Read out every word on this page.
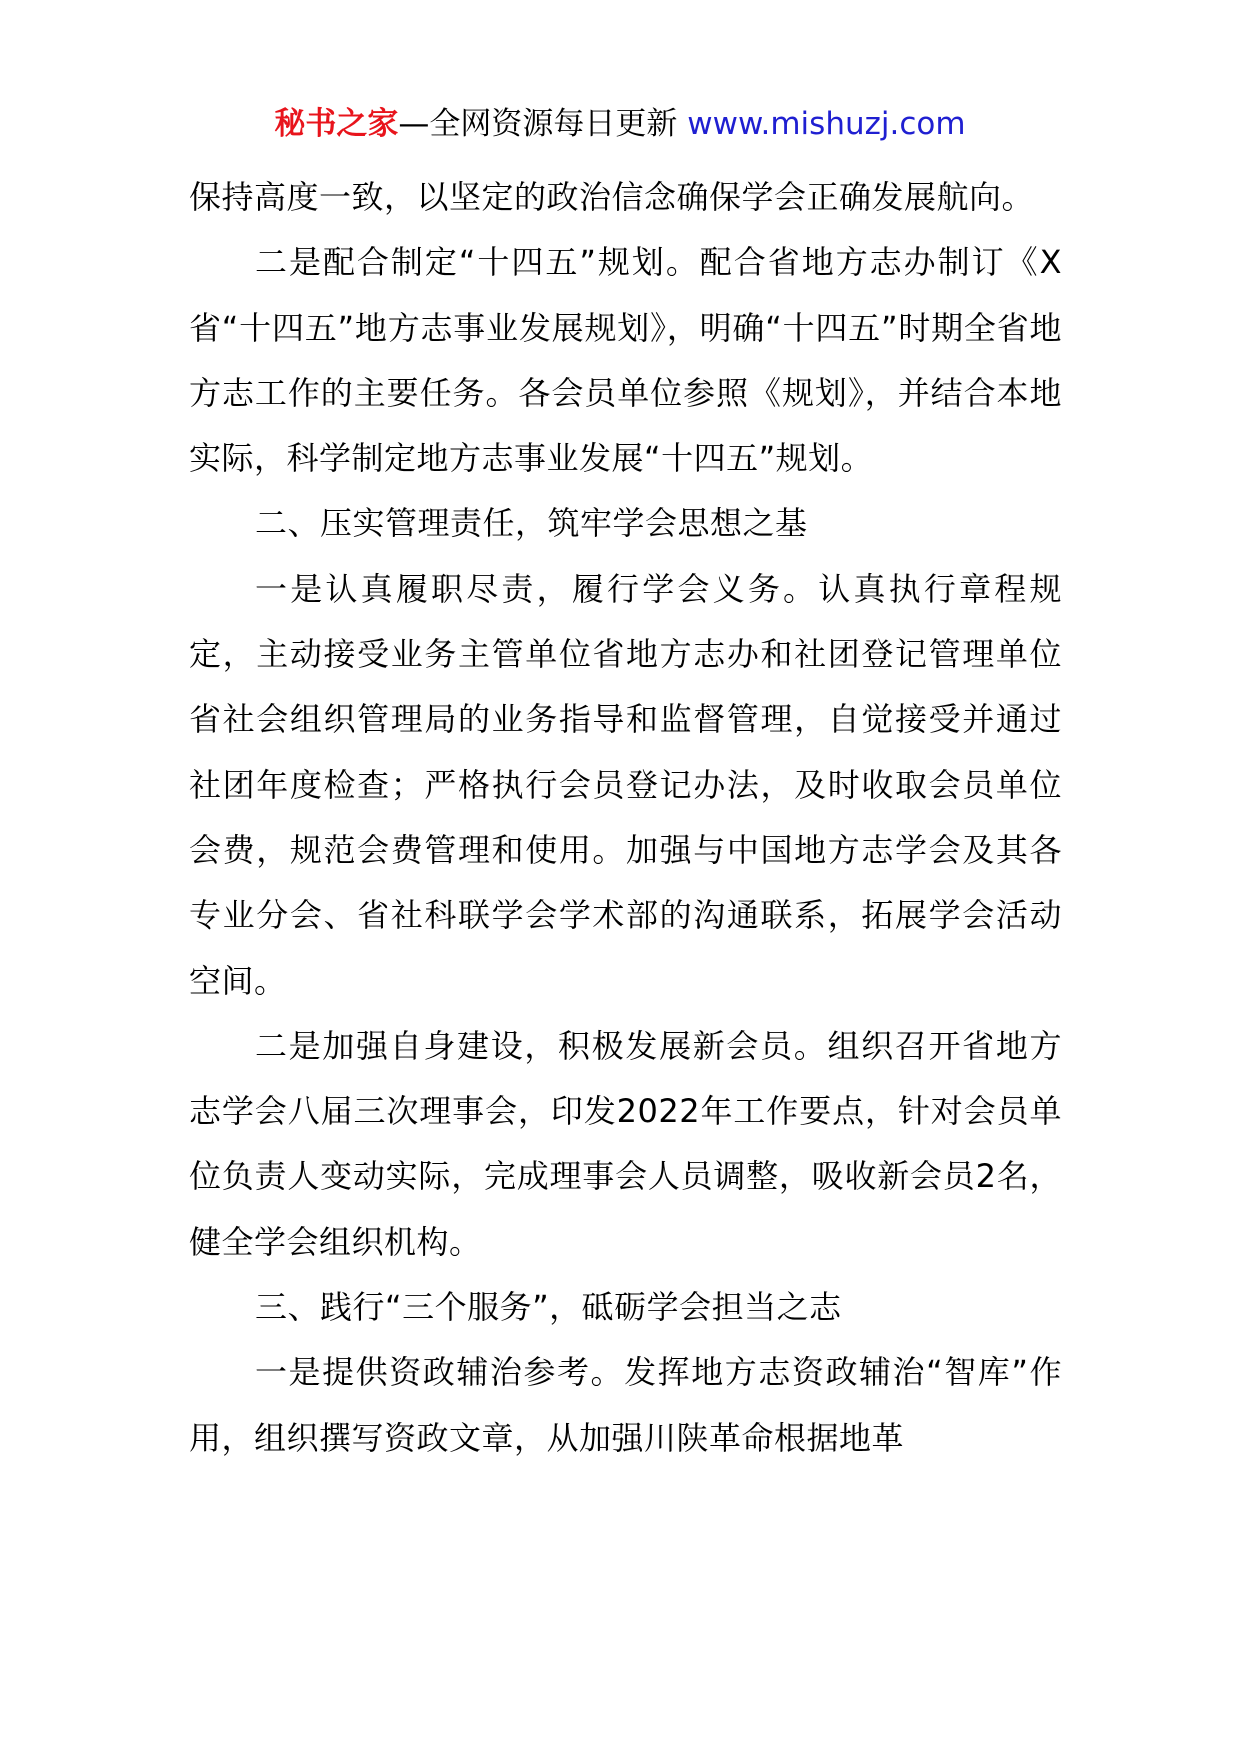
秘书之家—全网资源每日更新 www.mishuzj.com

保持高度一致，以坚定的政治信念确保学会正确发展航向。

二是配合制定“十四五”规划。配合省地方志办制订《X省“十四五”地方志事业发展规划》，明确“十四五”时期全省地方志工作的主要任务。各会员单位参照《规划》，并结合本地实际，科学制定地方志事业发展“十四五”规划。

二、压实管理责任，筑牢学会思想之基

一是认真履职尽责，履行学会义务。认真执行章程规定，主动接受业务主管单位省地方志办和社团登记管理单位省社会组织管理局的业务指导和监督管理，自觉接受并通过社团年度检查；严格执行会员登记办法，及时收取会员单位会费，规范会费管理和使用。加强与中国地方志学会及其各专业分会、省社科联学会学术部的沟通联系，拓展学会活动空间。

二是加强自身建设，积极发展新会员。组织召开省地方志学会八届三次理事会，印发2022年工作要点，针对会员单位负责人变动实际，完成理事会人员调整，吸收新会员2名，健全学会组织机构。

三、践行“三个服务”，砥砺学会担当之志

一是提供资政辅治参考。发挥地方志资政辅治“智库”作用，组织撰写资政文章，从加强川陕革命根据地革
